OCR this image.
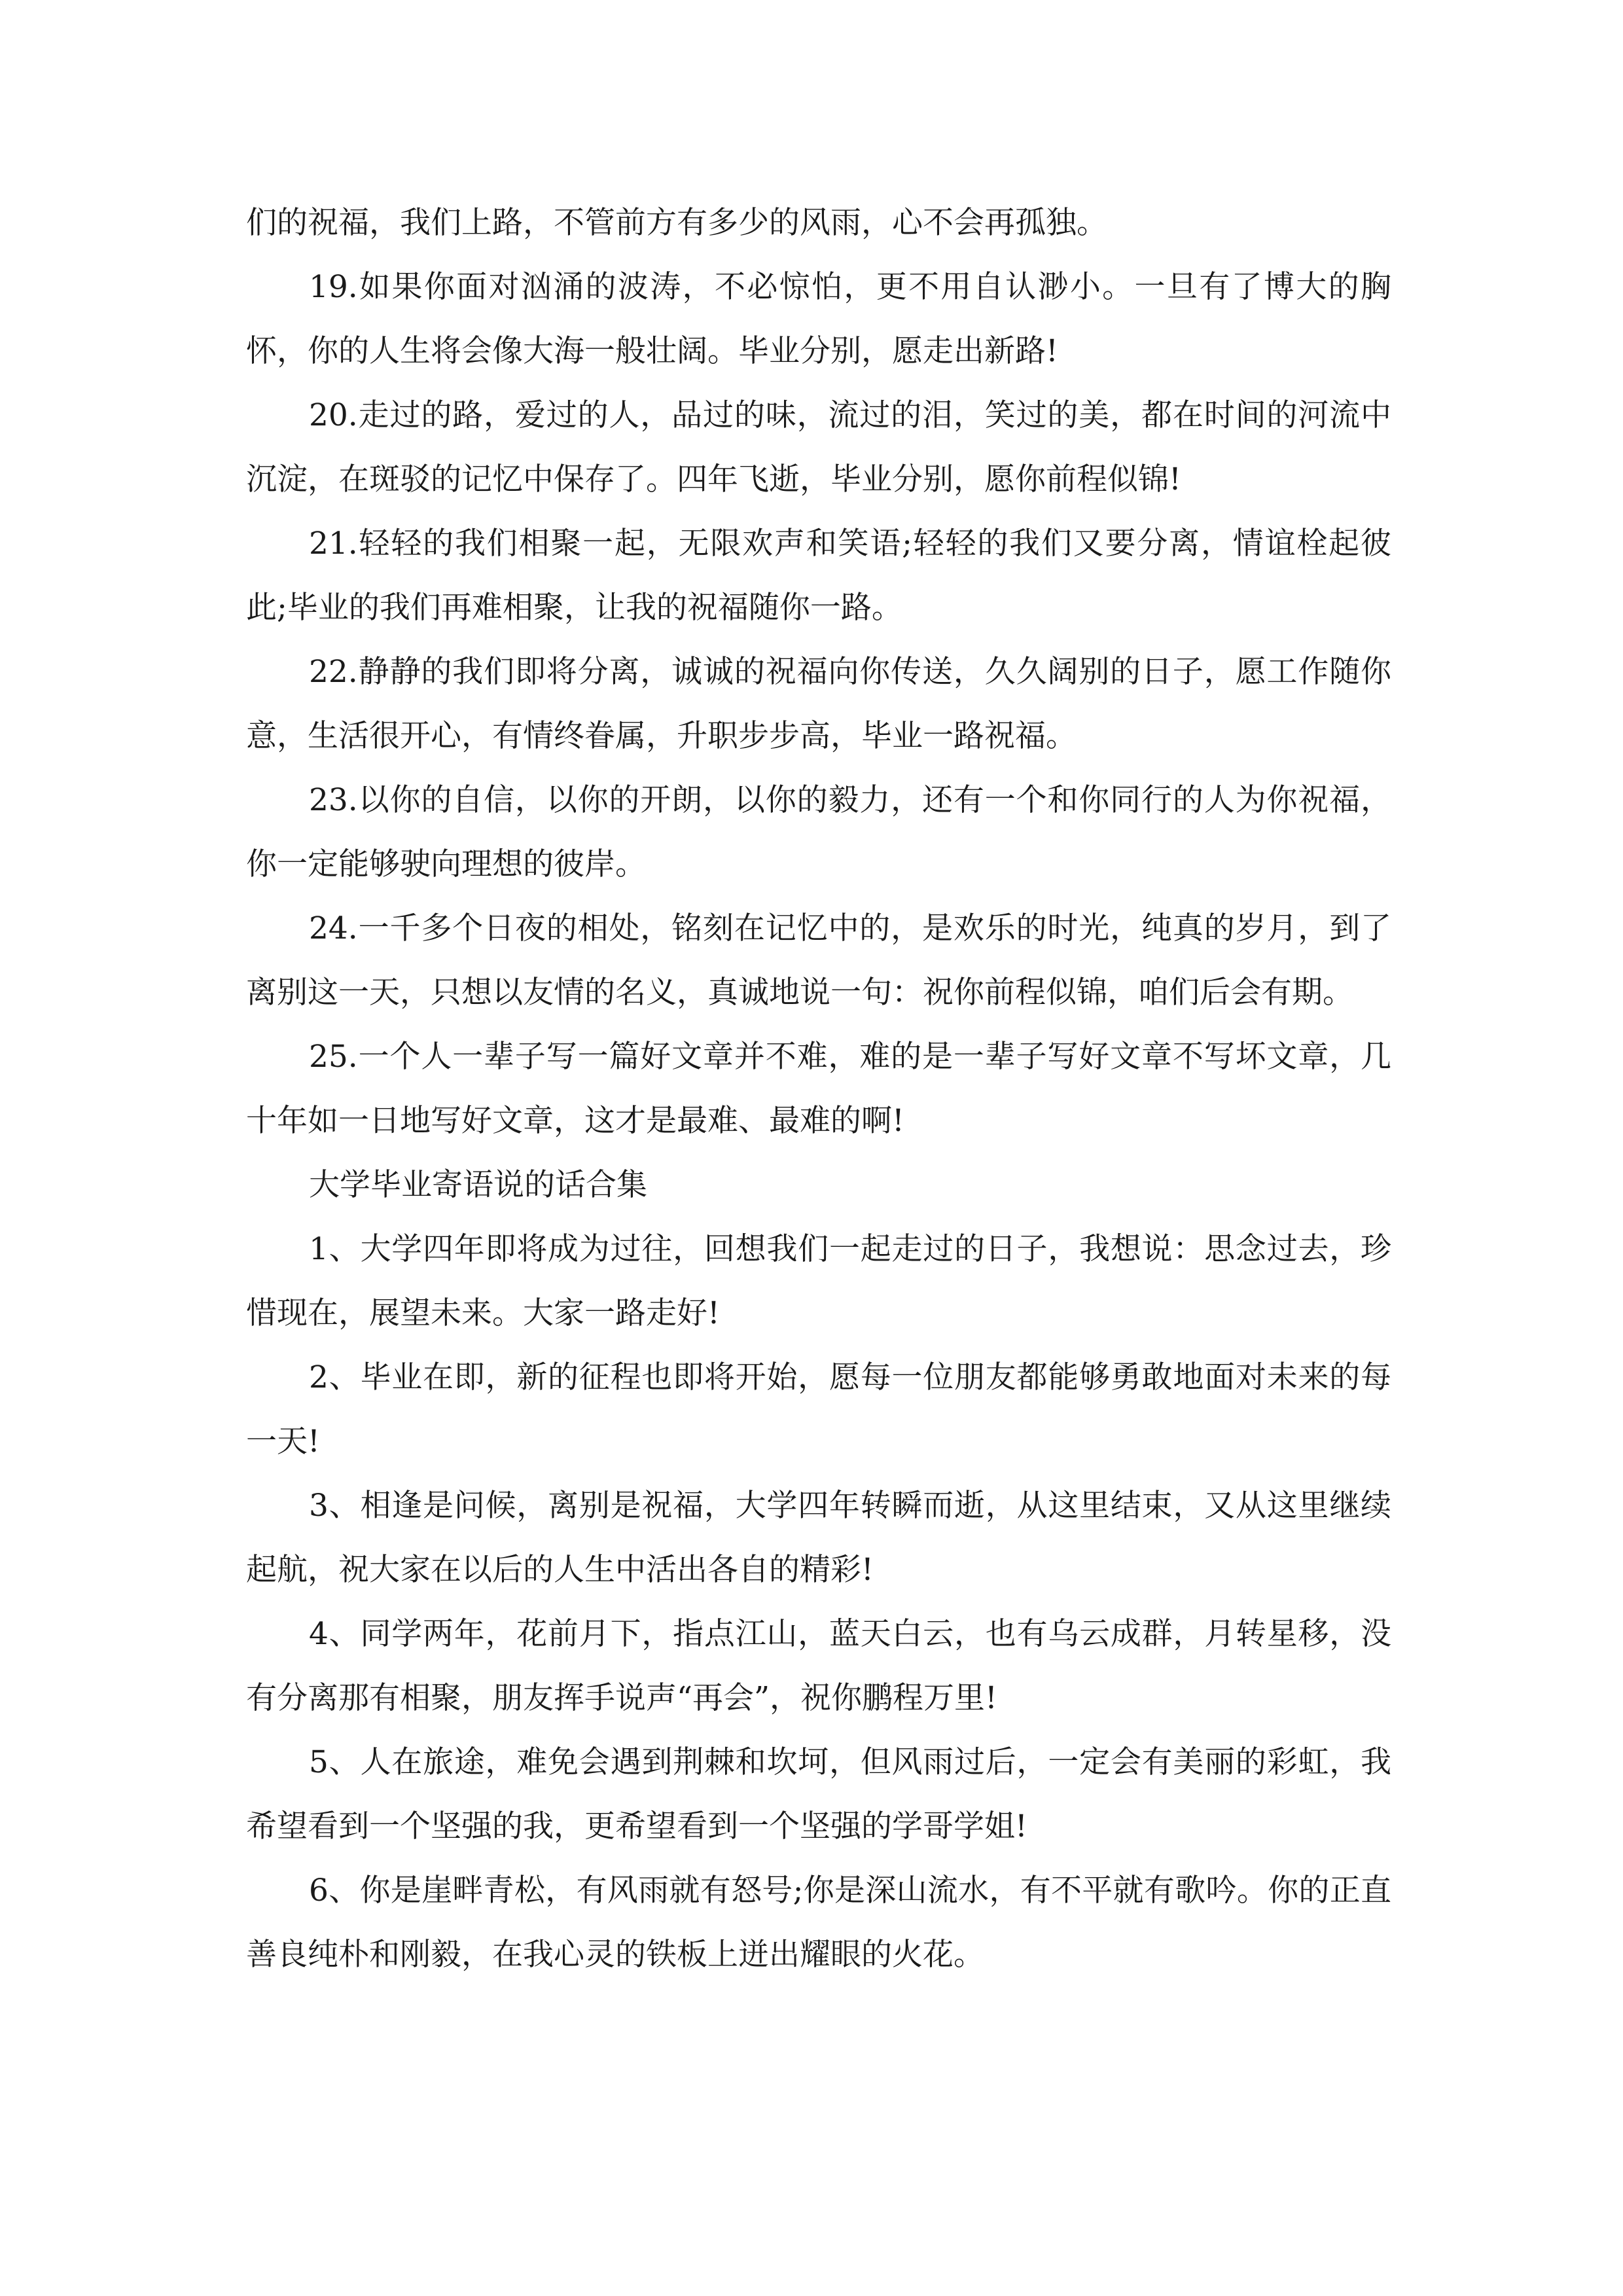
们的祝福，我们上路，不管前方有多少的风雨，心不会再孤独。

19.如果你面对汹涌的波涛，不必惊怕，更不用自认渺小。一旦有了博大的胸怀，你的人生将会像大海一般壮阔。毕业分别，愿走出新路!

20.走过的路，爱过的人，品过的味，流过的泪，笑过的美，都在时间的河流中沉淀，在斑驳的记忆中保存了。四年飞逝，毕业分别，愿你前程似锦!

21.轻轻的我们相聚一起，无限欢声和笑语;轻轻的我们又要分离，情谊栓起彼此;毕业的我们再难相聚，让我的祝福随你一路。

22.静静的我们即将分离，诚诚的祝福向你传送，久久阔别的日子，愿工作随你意，生活很开心，有情终眷属，升职步步高，毕业一路祝福。

23.以你的自信，以你的开朗，以你的毅力，还有一个和你同行的人为你祝福，你一定能够驶向理想的彼岸。

24.一千多个日夜的相处，铭刻在记忆中的，是欢乐的时光，纯真的岁月，到了离别这一天，只想以友情的名义，真诚地说一句：祝你前程似锦，咱们后会有期。

25.一个人一辈子写一篇好文章并不难，难的是一辈子写好文章不写坏文章，几十年如一日地写好文章，这才是最难、最难的啊!

大学毕业寄语说的话合集

1、大学四年即将成为过往，回想我们一起走过的日子，我想说：思念过去，珍惜现在，展望未来。大家一路走好!

2、毕业在即，新的征程也即将开始，愿每一位朋友都能够勇敢地面对未来的每一天!

3、相逢是问候，离别是祝福，大学四年转瞬而逝，从这里结束，又从这里继续起航，祝大家在以后的人生中活出各自的精彩!

4、同学两年，花前月下，指点江山，蓝天白云，也有乌云成群，月转星移，没有分离那有相聚，朋友挥手说声“再会”，祝你鹏程万里!

5、人在旅途，难免会遇到荆棘和坎坷，但风雨过后，一定会有美丽的彩虹，我希望看到一个坚强的我，更希望看到一个坚强的学哥学姐!

6、你是崖畔青松，有风雨就有怒号;你是深山流水，有不平就有歌吟。你的正直善良纯朴和刚毅，在我心灵的铁板上迸出耀眼的火花。
